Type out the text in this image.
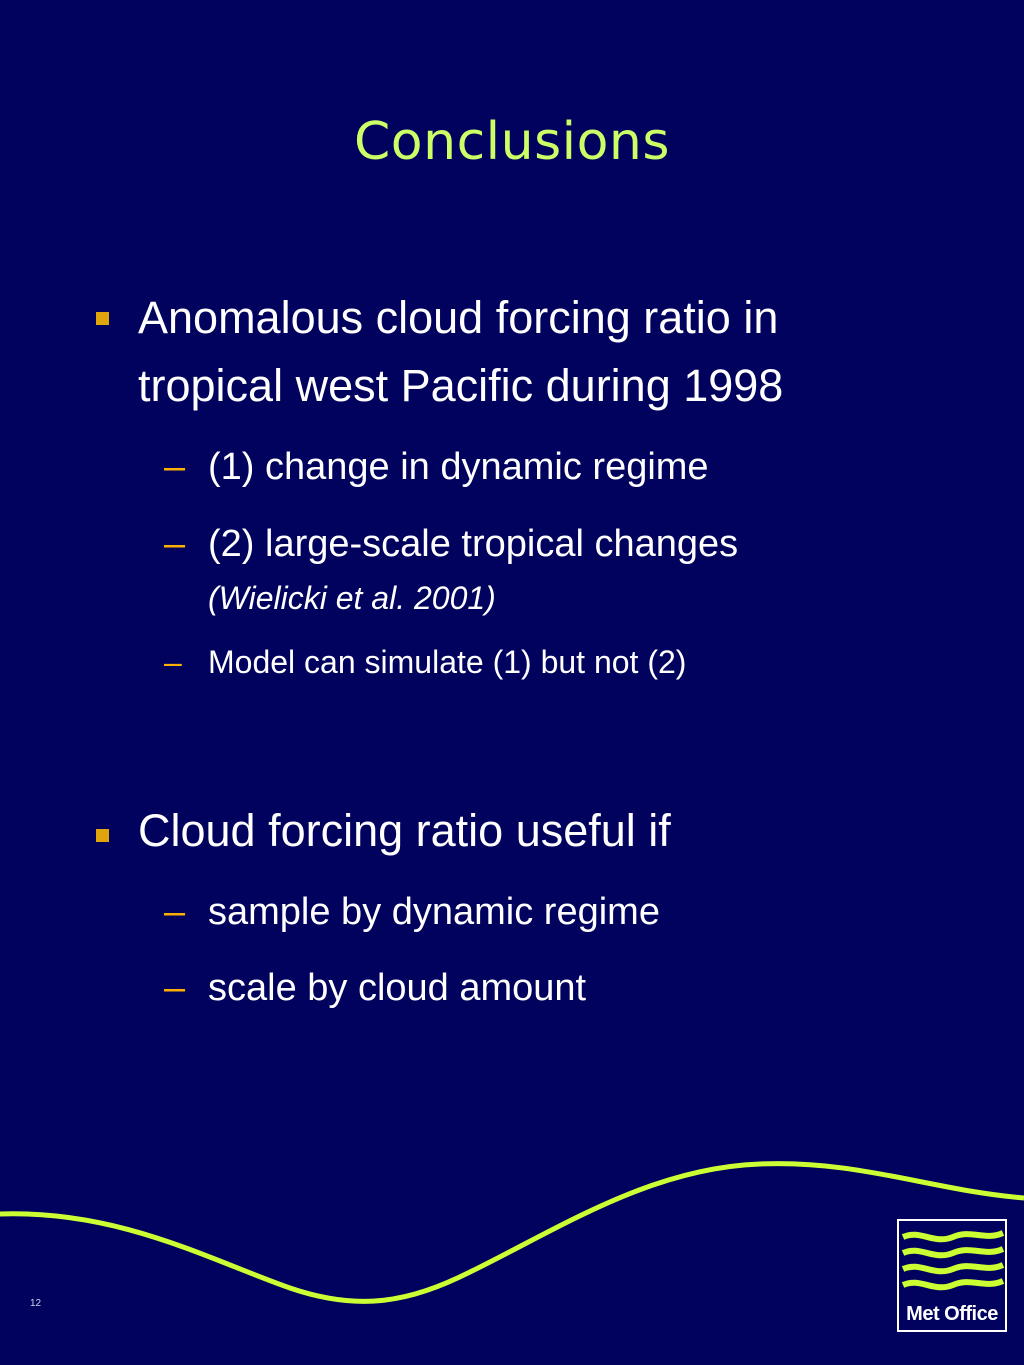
Conclusions
Anomalous cloud forcing ratio in
tropical west Pacific during 1998
– (1) change in dynamic regime
– (2) large-scale tropical changes
(Wielicki et al. 2001)
– Model can simulate (1) but not (2)
Cloud forcing ratio useful if
– sample by dynamic regime
– scale by cloud amount
12	Met Office
